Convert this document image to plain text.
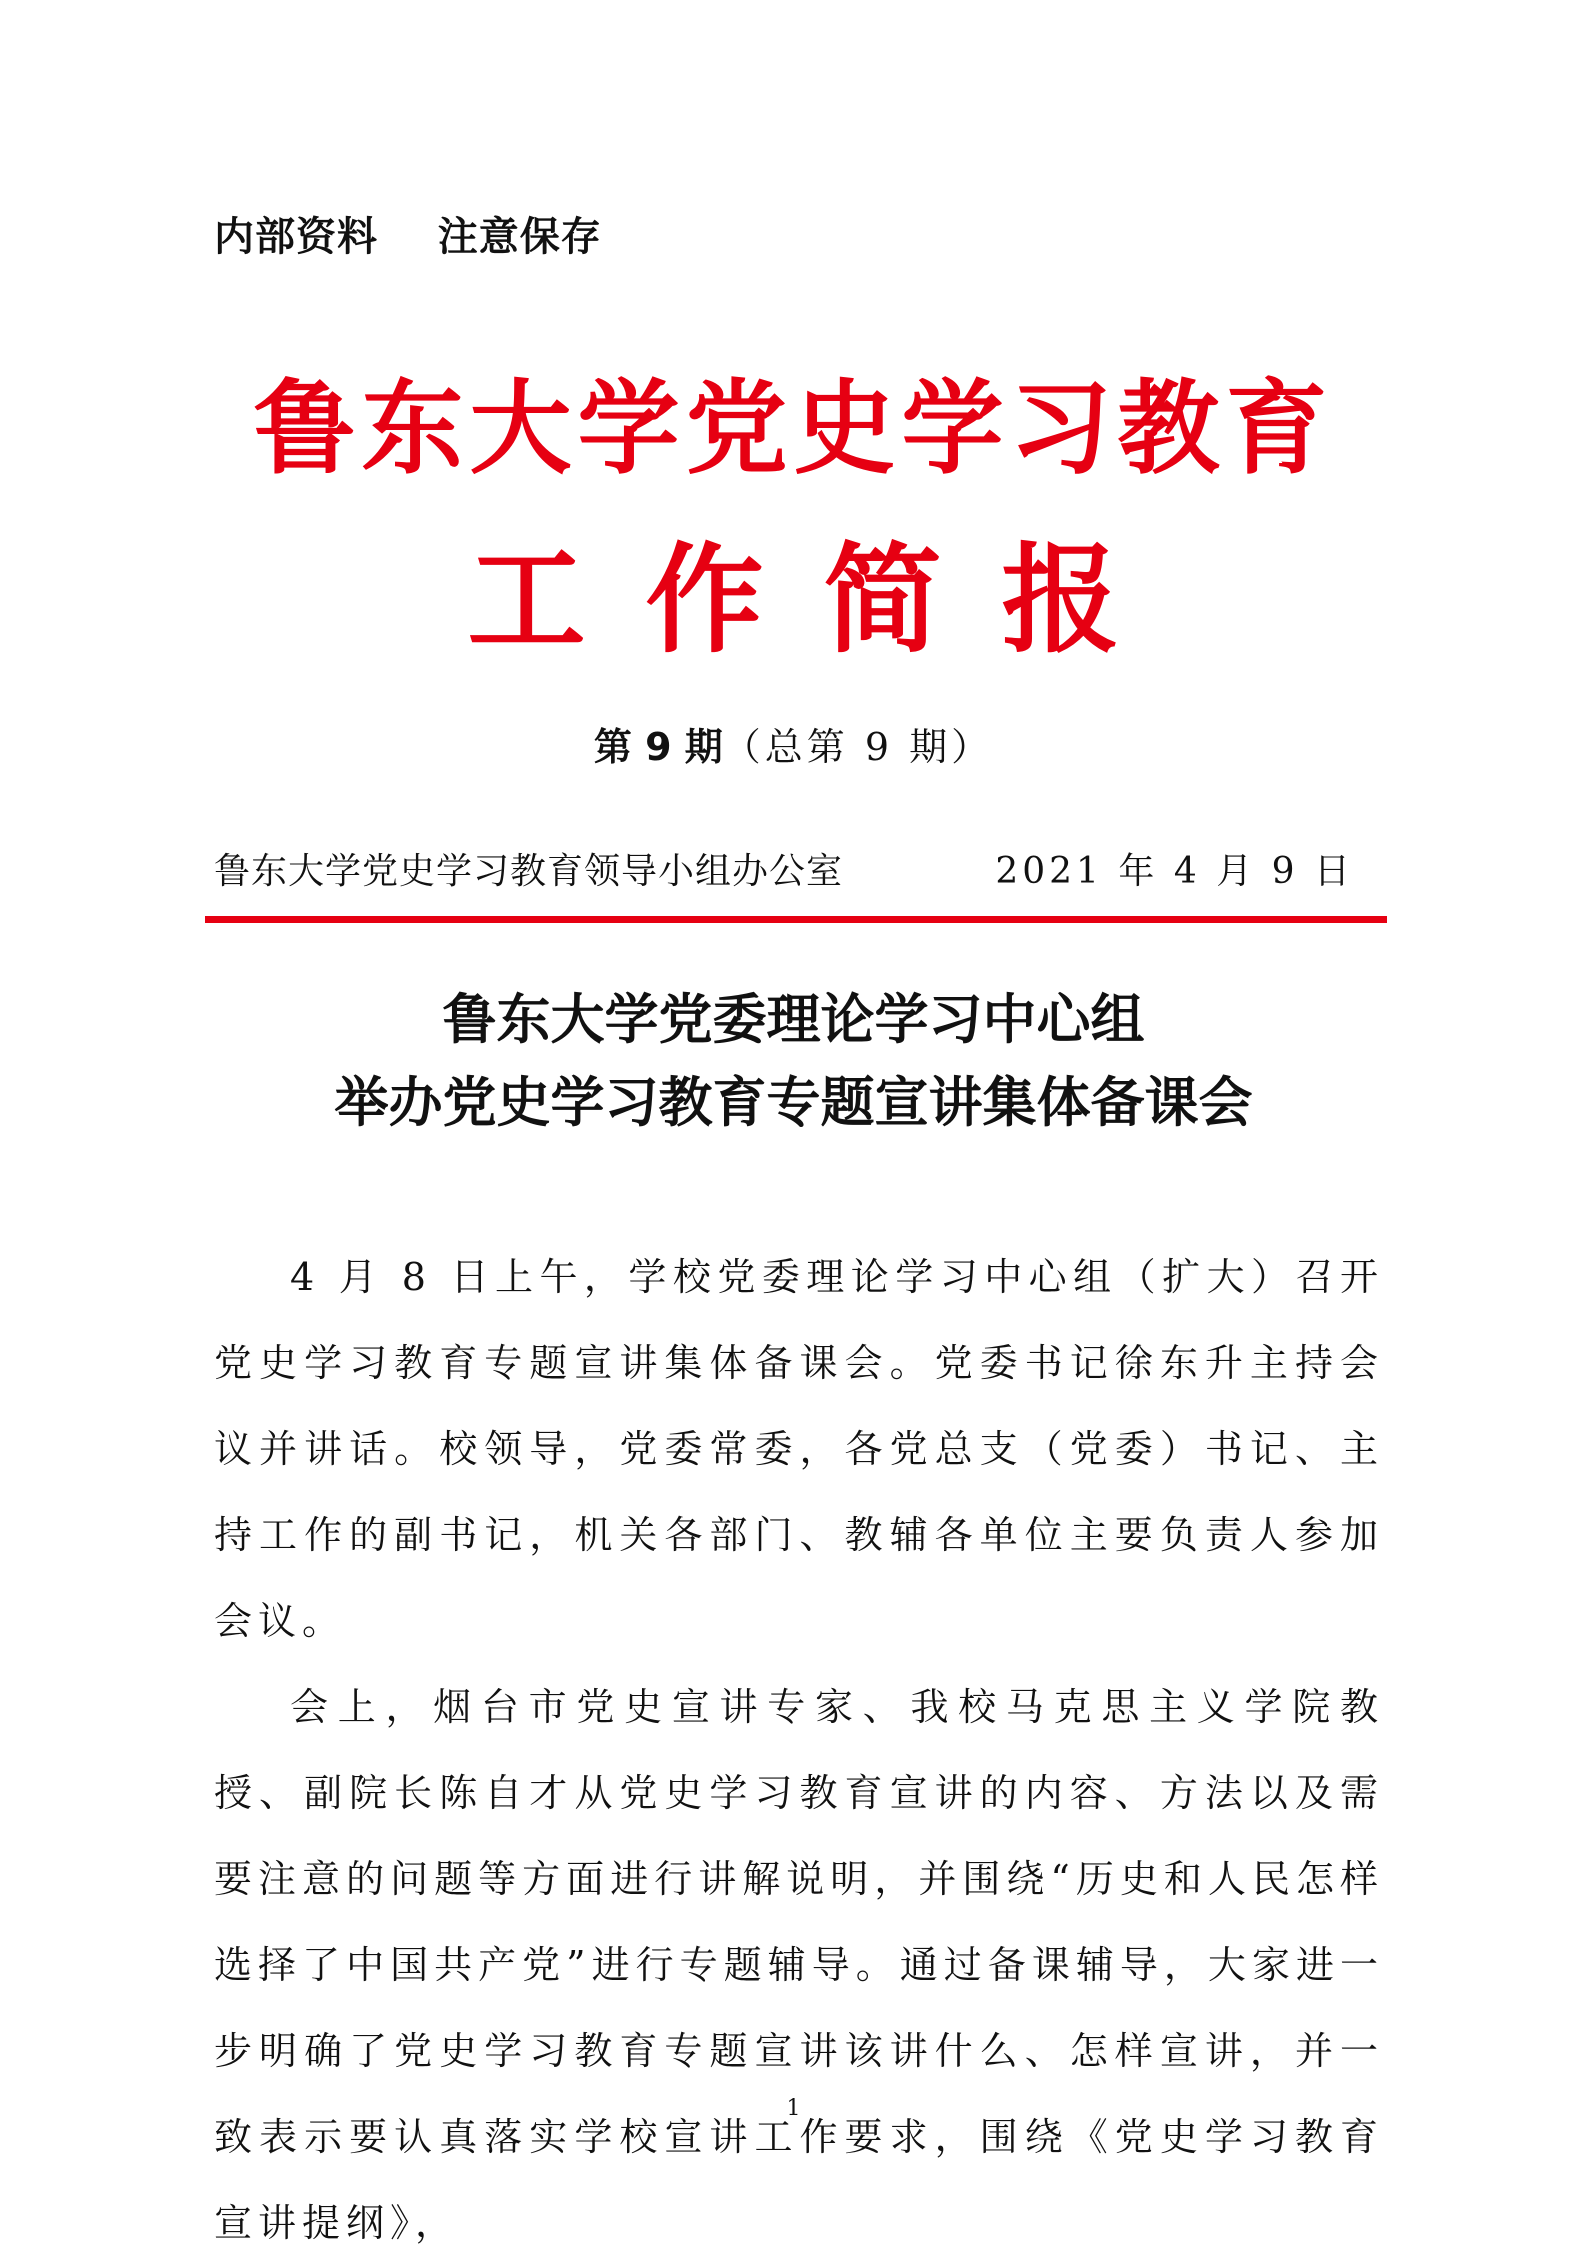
内部资料    注意保存
鲁东大学党史学习教育
工作简报
第 9 期（总第 9 期）
鲁东大学党史学习教育领导小组办公室	2021 年 4 月 9 日
鲁东大学党委理论学习中心组
举办党史学习教育专题宣讲集体备课会

4 月 8 日上午，学校党委理论学习中心组（扩大）召开党史学习教育专题宣讲集体备课会。党委书记徐东升主持会议并讲话。校领导，党委常委，各党总支（党委）书记、主持工作的副书记，机关各部门、教辅各单位主要负责人参加会议。

会上，烟台市党史宣讲专家、我校马克思主义学院教授、副院长陈自才从党史学习教育宣讲的内容、方法以及需要注意的问题等方面进行讲解说明，并围绕“历史和人民怎样选择了中国共产党”进行专题辅导。通过备课辅导，大家进一步明确了党史学习教育专题宣讲该讲什么、怎样宣讲，并一致表示要认真落实学校宣讲工作要求，围绕《党史学习教育宣讲提纲》，

1
